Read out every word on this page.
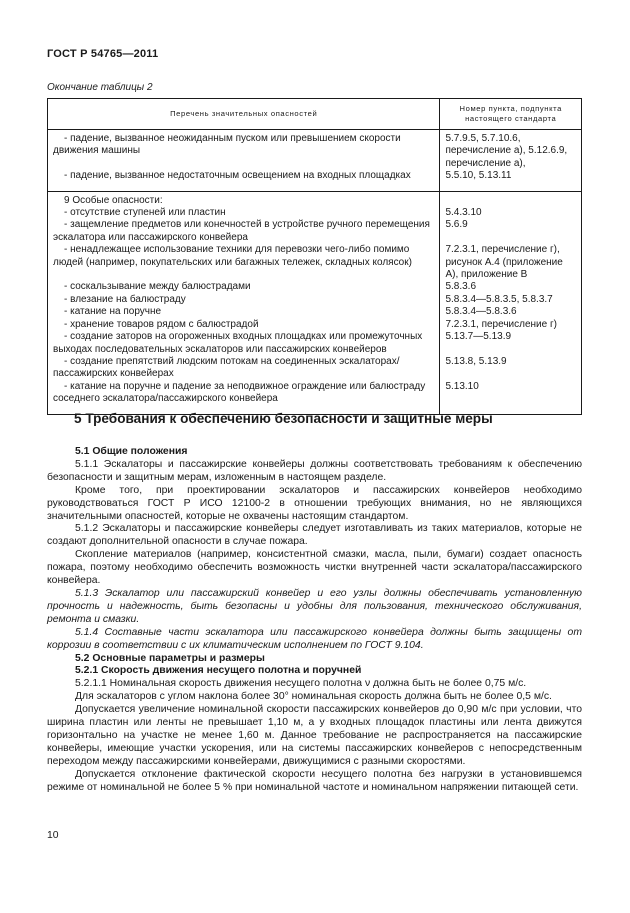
ГОСТ Р 54765—2011
Окончание таблицы 2
Перечень значительных опасностей	Номер пункта, подпункта настоящего стандарта
- падение, вызванное неожиданным пуском или превышением скорости движения машины	5.7.9.5, 5.7.10.6, перечисление а), 5.12.6.9, перечисление а),
- падение, вызванное недостаточным освещением на входных площадках	5.5.10, 5.13.11
9 Особые опасности:	
- отсутствие ступеней или пластин	5.4.3.10
- защемление предметов или конечностей в устройстве ручного перемещения эскалатора или пассажирского конвейера	5.6.9
- ненадлежащее использование техники для перевозки чего-либо помимо людей (например, покупательских или багажных тележек, складных колясок)	7.2.3.1, перечисление г), рисунок А.4 (приложение А), приложение В
- соскальзывание между балюстрадами	5.8.3.6
- влезание на балюстраду	5.8.3.4—5.8.3.5, 5.8.3.7
- катание на поручне	5.8.3.4—5.8.3.6
- хранение товаров рядом с балюстрадой	7.2.3.1, перечисление г)
- создание заторов на огороженных входных площадках или промежуточных выходах последовательных эскалаторов или пассажирских конвейеров	5.13.7—5.13.9
- создание препятствий людским потокам на соединенных эскалаторах/пассажирских конвейерах	5.13.8, 5.13.9
- катание на поручне и падение за неподвижное ограждение или балюстраду соседнего эскалатора/пассажирского конвейера	5.13.10
5 Требования к обеспечению безопасности и защитные меры

5.1 Общие положения

5.1.1 Эскалаторы и пассажирские конвейеры должны соответствовать требованиям к обеспечению безопасности и защитным мерам, изложенным в настоящем разделе.

Кроме того, при проектировании эскалаторов и пассажирских конвейеров необходимо руководствоваться ГОСТ Р ИСО 12100-2 в отношении требующих внимания, но не являющихся значительными опасностей, которые не охвачены настоящим стандартом.

5.1.2 Эскалаторы и пассажирские конвейеры следует изготавливать из таких материалов, которые не создают дополнительной опасности в случае пожара.

Скопление материалов (например, консистентной смазки, масла, пыли, бумаги) создает опасность пожара, поэтому необходимо обеспечить возможность чистки внутренней части эскалатора/пассажирского конвейера.

5.1.3 Эскалатор или пассажирский конвейер и его узлы должны обеспечивать установленную прочность и надежность, быть безопасны и удобны для пользования, технического обслуживания, ремонта и смазки.

5.1.4 Составные части эскалатора или пассажирского конвейера должны быть защищены от коррозии в соответствии с их климатическим исполнением по ГОСТ 9.104.

5.2 Основные параметры и размеры

5.2.1 Скорость движения несущего полотна и поручней

5.2.1.1 Номинальная скорость движения несущего полотна ν должна быть не более 0,75 м/с.

Для эскалаторов с углом наклона более 30° номинальная скорость должна быть не более 0,5 м/с.

Допускается увеличение номинальной скорости пассажирских конвейеров до 0,90 м/с при условии, что ширина пластин или ленты не превышает 1,10 м, а у входных площадок пластины или лента движутся горизонтально на участке не менее 1,60 м. Данное требование не распространяется на пассажирские конвейеры, имеющие участки ускорения, или на системы пассажирских конвейеров с непосредственным переходом между пассажирскими конвейерами, движущимися с разными скоростями.

Допускается отклонение фактической скорости несущего полотна без нагрузки в установившемся режиме от номинальной не более 5 % при номинальной частоте и номинальном напряжении питающей сети.

10
